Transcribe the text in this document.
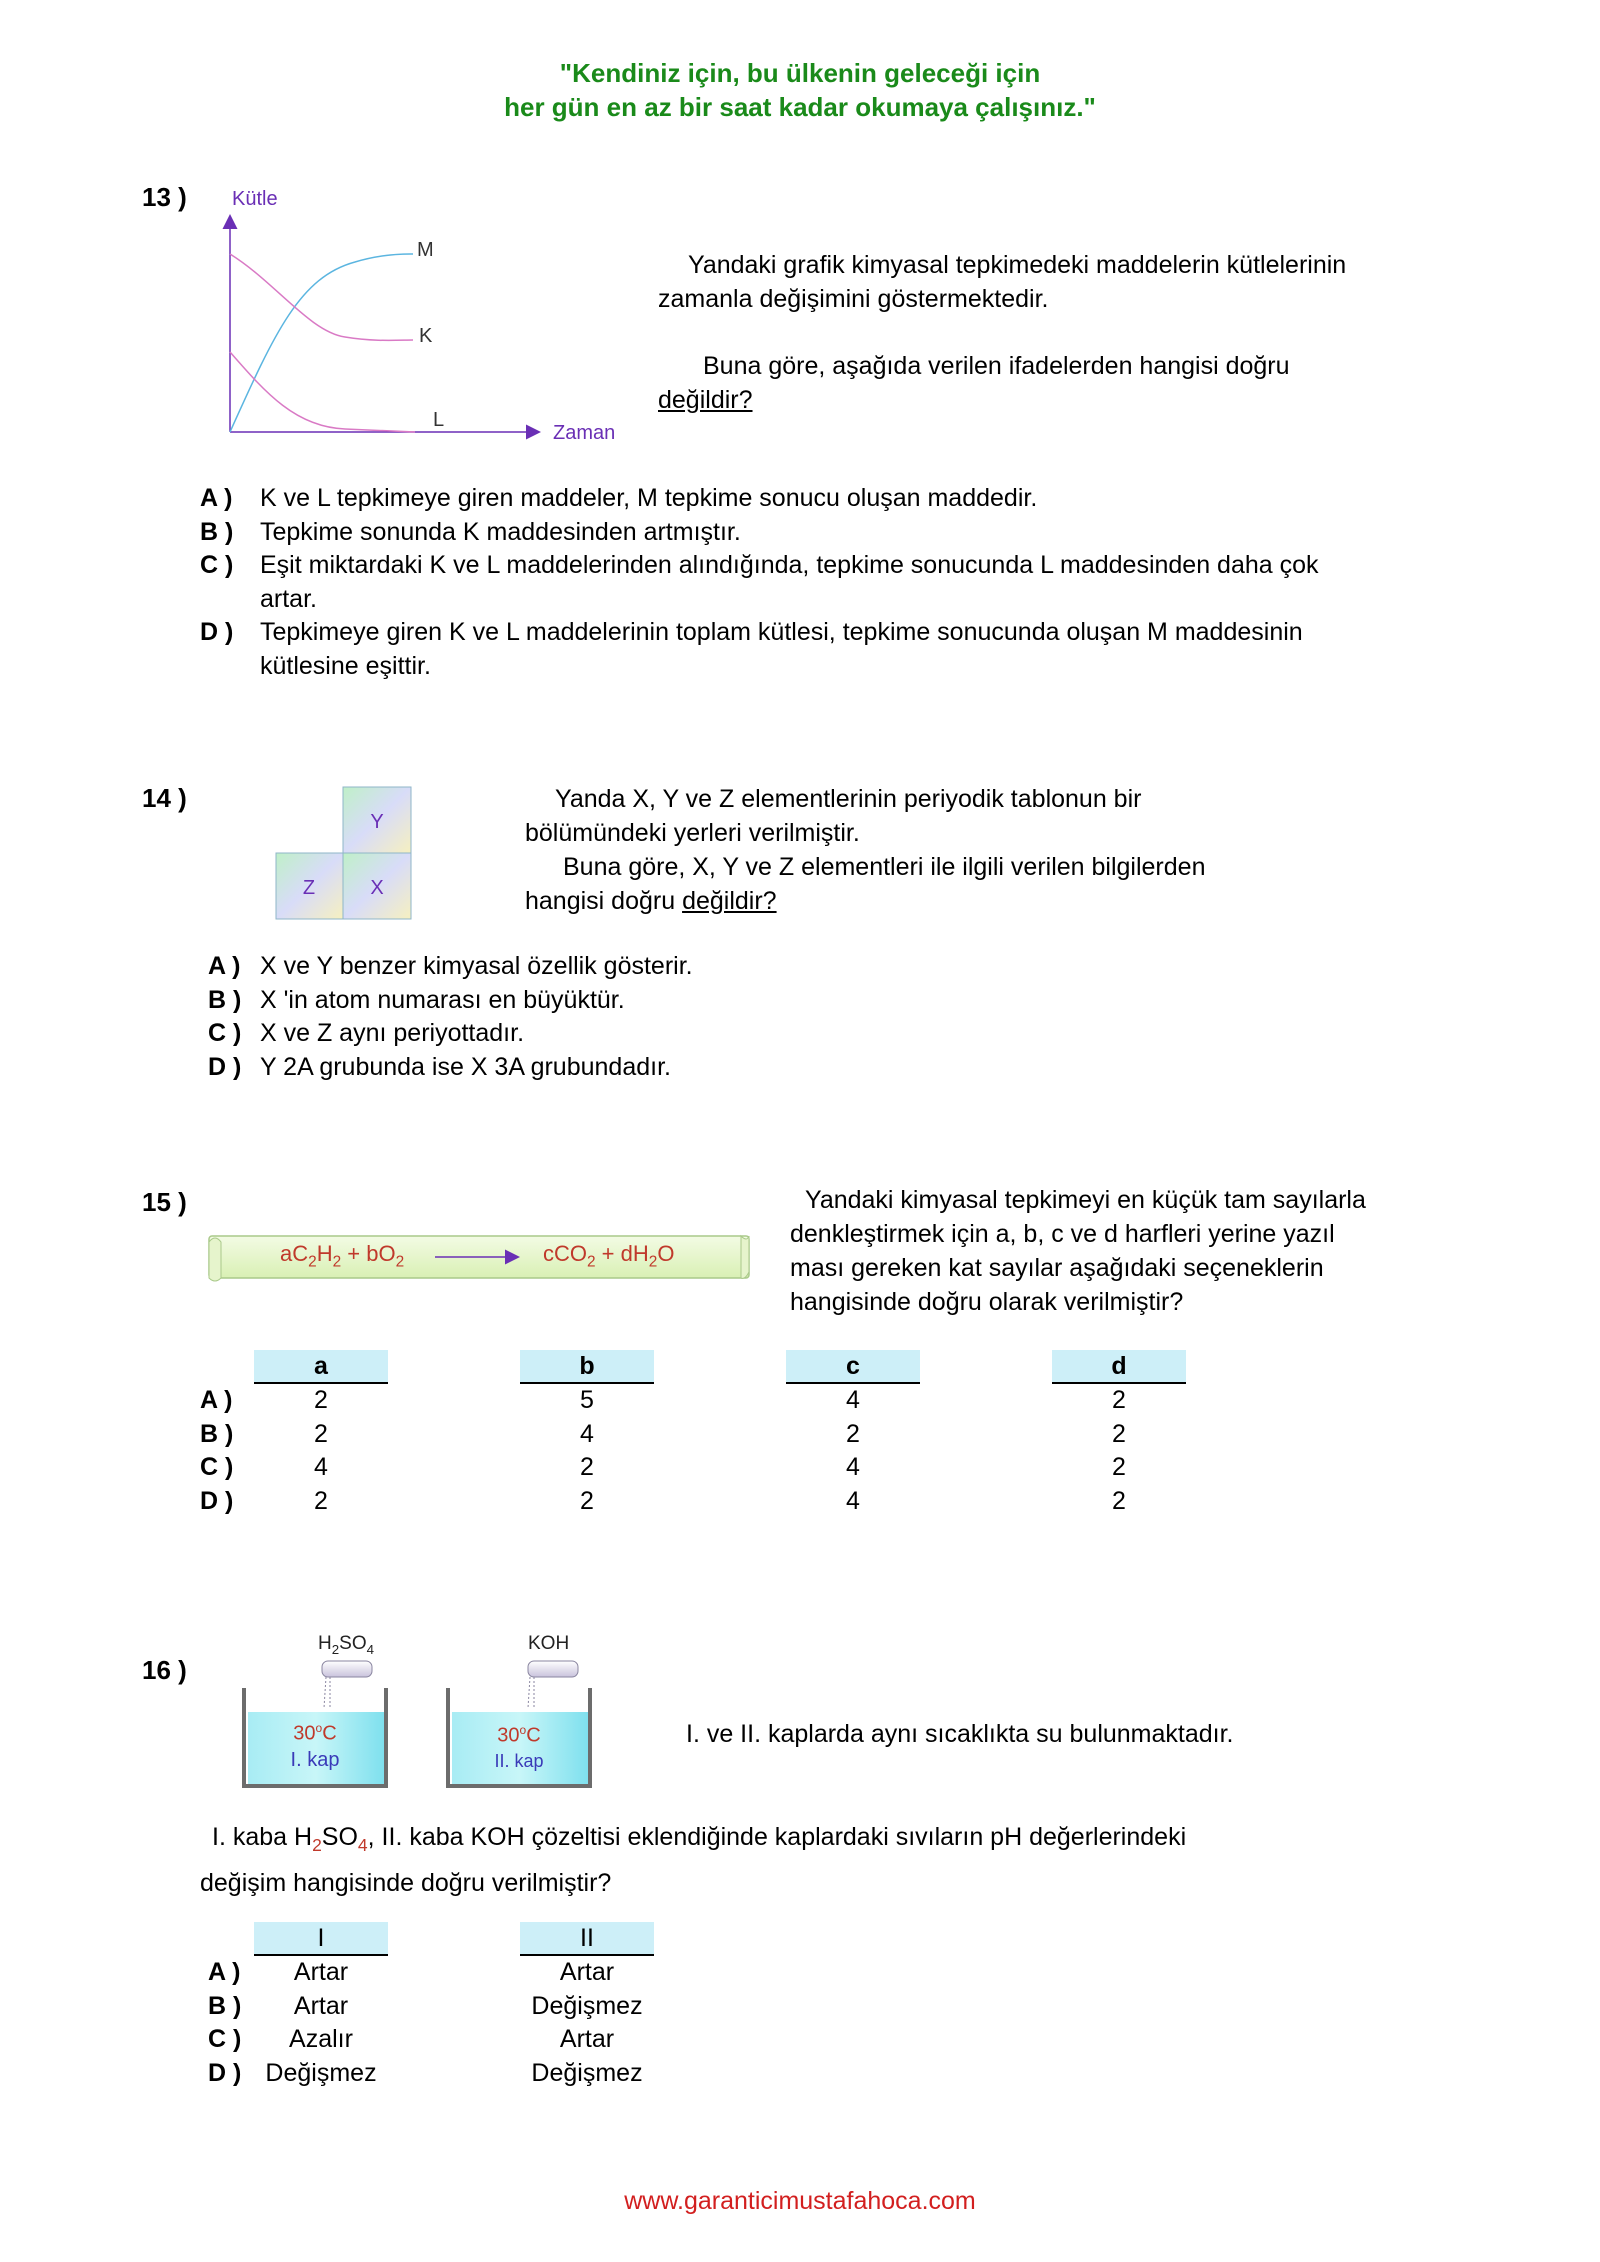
"Kendiniz için, bu ülkenin geleceği için
her gün en az bir saat kadar okumaya çalışınız."
13 ) Kütle
Zaman
M
K
L
Yandaki grafik kimyasal tepkimedeki maddelerin kütlelerinin
zamanla değişimini göstermektedir.
Buna göre, aşağıda verilen ifadelerden hangisi doğru
değildir?
A ) K ve L tepkimeye giren maddeler, M tepkime sonucu oluşan maddedir.
B ) Tepkime sonunda K maddesinden artmıştır.
C ) Eşit miktardaki K ve L maddelerinden alındığında, tepkime sonucunda L maddesinden daha çok
artar.
D ) Tepkimeye giren K ve L maddelerinin toplam kütlesi, tepkime sonucunda oluşan M maddesinin
kütlesine eşittir.
14 )
Y
Z	X
Yanda X, Y ve Z elementlerinin periyodik tablonun bir
bölümündeki yerleri verilmiştir.
Buna göre, X, Y ve Z elementleri ile ilgili verilen bilgilerden
hangisi doğru değildir?
A ) X ve Y benzer kimyasal özellik gösterir.
B ) X 'in atom numarası en büyüktür.
C ) X ve Z aynı periyottadır.
D ) Y 2A grubunda ise X 3A grubundadır.
15 )
$aC_2H_2 + bO_2$	$cCO_2 + dH_2O$
Yandaki kimyasal tepkimeyi en küçük tam sayılarla
denkleştirmek için a, b, c ve d harfleri yerine yazıl
ması gereken kat sayılar aşağıdaki seçeneklerin
hangisinde doğru olarak verilmiştir?
A )
B )
C )
D )
a
2
2
4
2
b
5
4
2
2
c
4
2
4
4
d
2
2
2
2
16 )
$H_2SO_4$
30$^o$C
I. kap
KOH
30$^o$C
II. kap
I. ve II. kaplarda aynı sıcaklıkta su bulunmaktadır.
I. kaba $H_2SO_4$, II. kaba KOH çözeltisi eklendiğinde kaplardaki sıvıların pH değerlerindeki
değişim hangisinde doğru verilmiştir?
A )
B )
C )
D )
I
Artar
Artar
Azalır
Değişmez
II
Artar
Değişmez
Artar
Değişmez
www.garanticimustafahoca.com
